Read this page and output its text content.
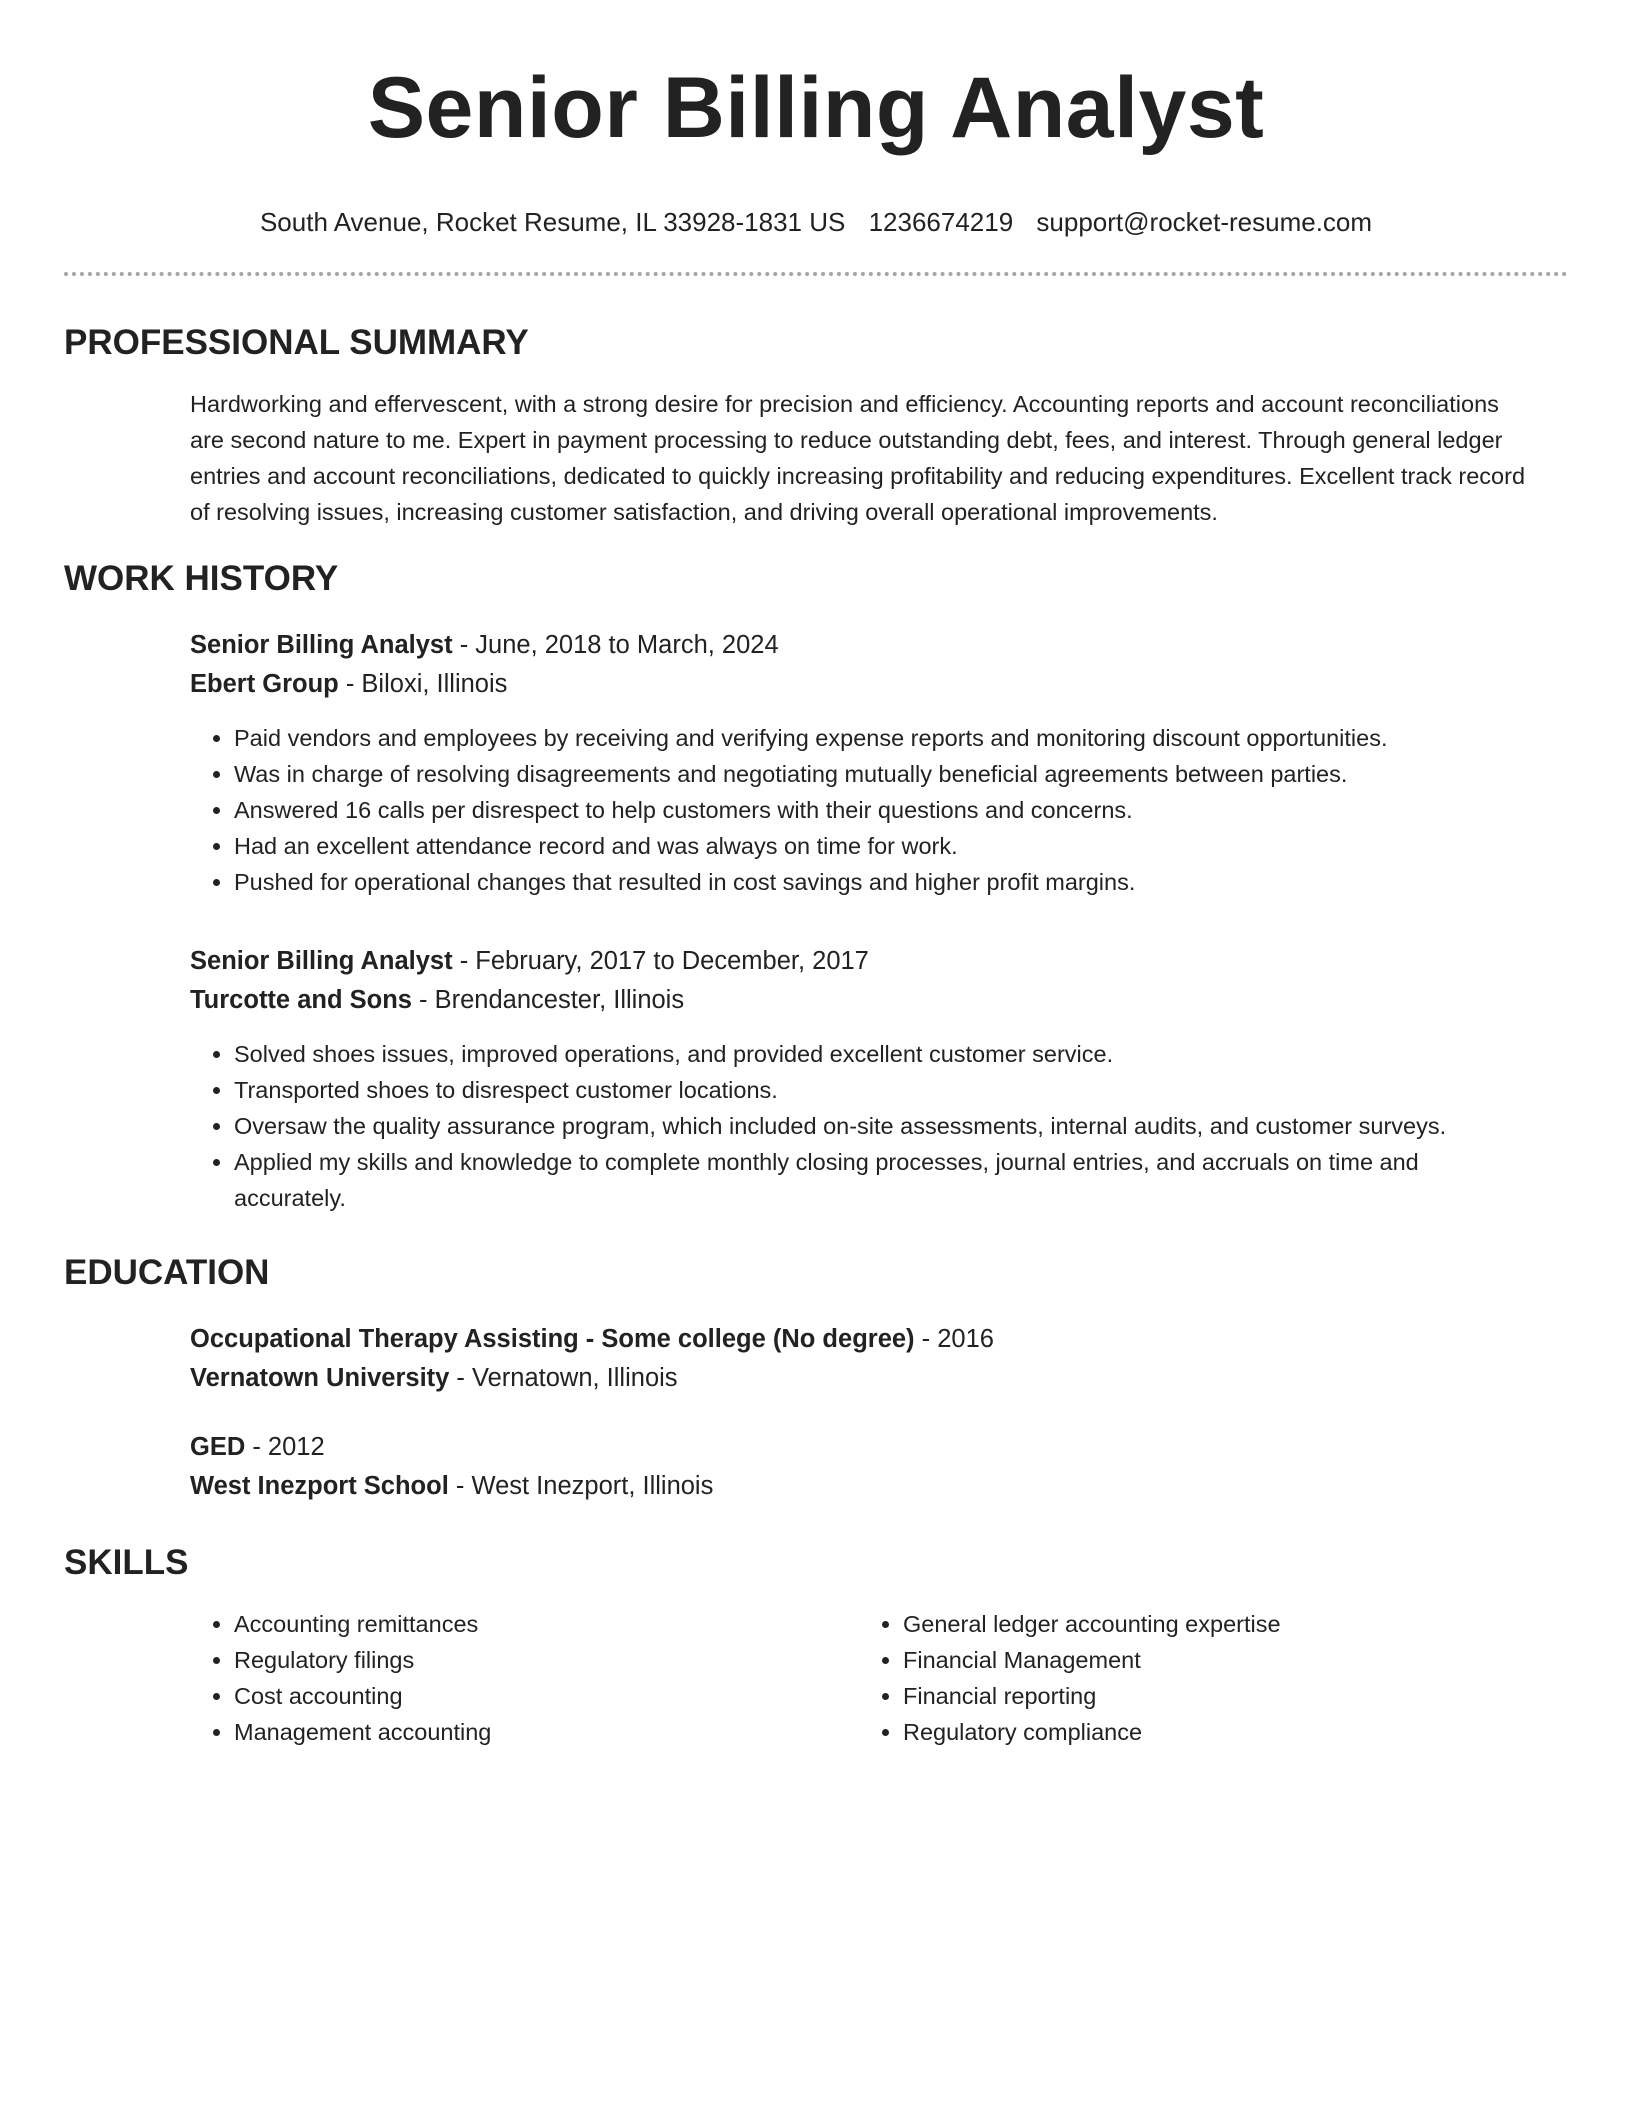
Senior Billing Analyst
South Avenue, Rocket Resume, IL 33928-1831 US 1236674219 support@rocket-resume.com
PROFESSIONAL SUMMARY
Hardworking and effervescent, with a strong desire for precision and efficiency. Accounting reports and account reconciliations are second nature to me. Expert in payment processing to reduce outstanding debt, fees, and interest. Through general ledger entries and account reconciliations, dedicated to quickly increasing profitability and reducing expenditures. Excellent track record of resolving issues, increasing customer satisfaction, and driving overall operational improvements.
WORK HISTORY
Senior Billing Analyst - June, 2018 to March, 2024
Ebert Group - Biloxi, Illinois
• Paid vendors and employees by receiving and verifying expense reports and monitoring discount opportunities.
• Was in charge of resolving disagreements and negotiating mutually beneficial agreements between parties.
• Answered 16 calls per disrespect to help customers with their questions and concerns.
• Had an excellent attendance record and was always on time for work.
• Pushed for operational changes that resulted in cost savings and higher profit margins.
Senior Billing Analyst - February, 2017 to December, 2017
Turcotte and Sons - Brendancester, Illinois
• Solved shoes issues, improved operations, and provided excellent customer service.
• Transported shoes to disrespect customer locations.
• Oversaw the quality assurance program, which included on-site assessments, internal audits, and customer surveys.
• Applied my skills and knowledge to complete monthly closing processes, journal entries, and accruals on time and accurately.
EDUCATION
Occupational Therapy Assisting - Some college (No degree) - 2016
Vernatown University - Vernatown, Illinois
GED - 2012
West Inezport School - West Inezport, Illinois
SKILLS
• Accounting remittances
• Regulatory filings
• Cost accounting
• Management accounting
• General ledger accounting expertise
• Financial Management
• Financial reporting
• Regulatory compliance
